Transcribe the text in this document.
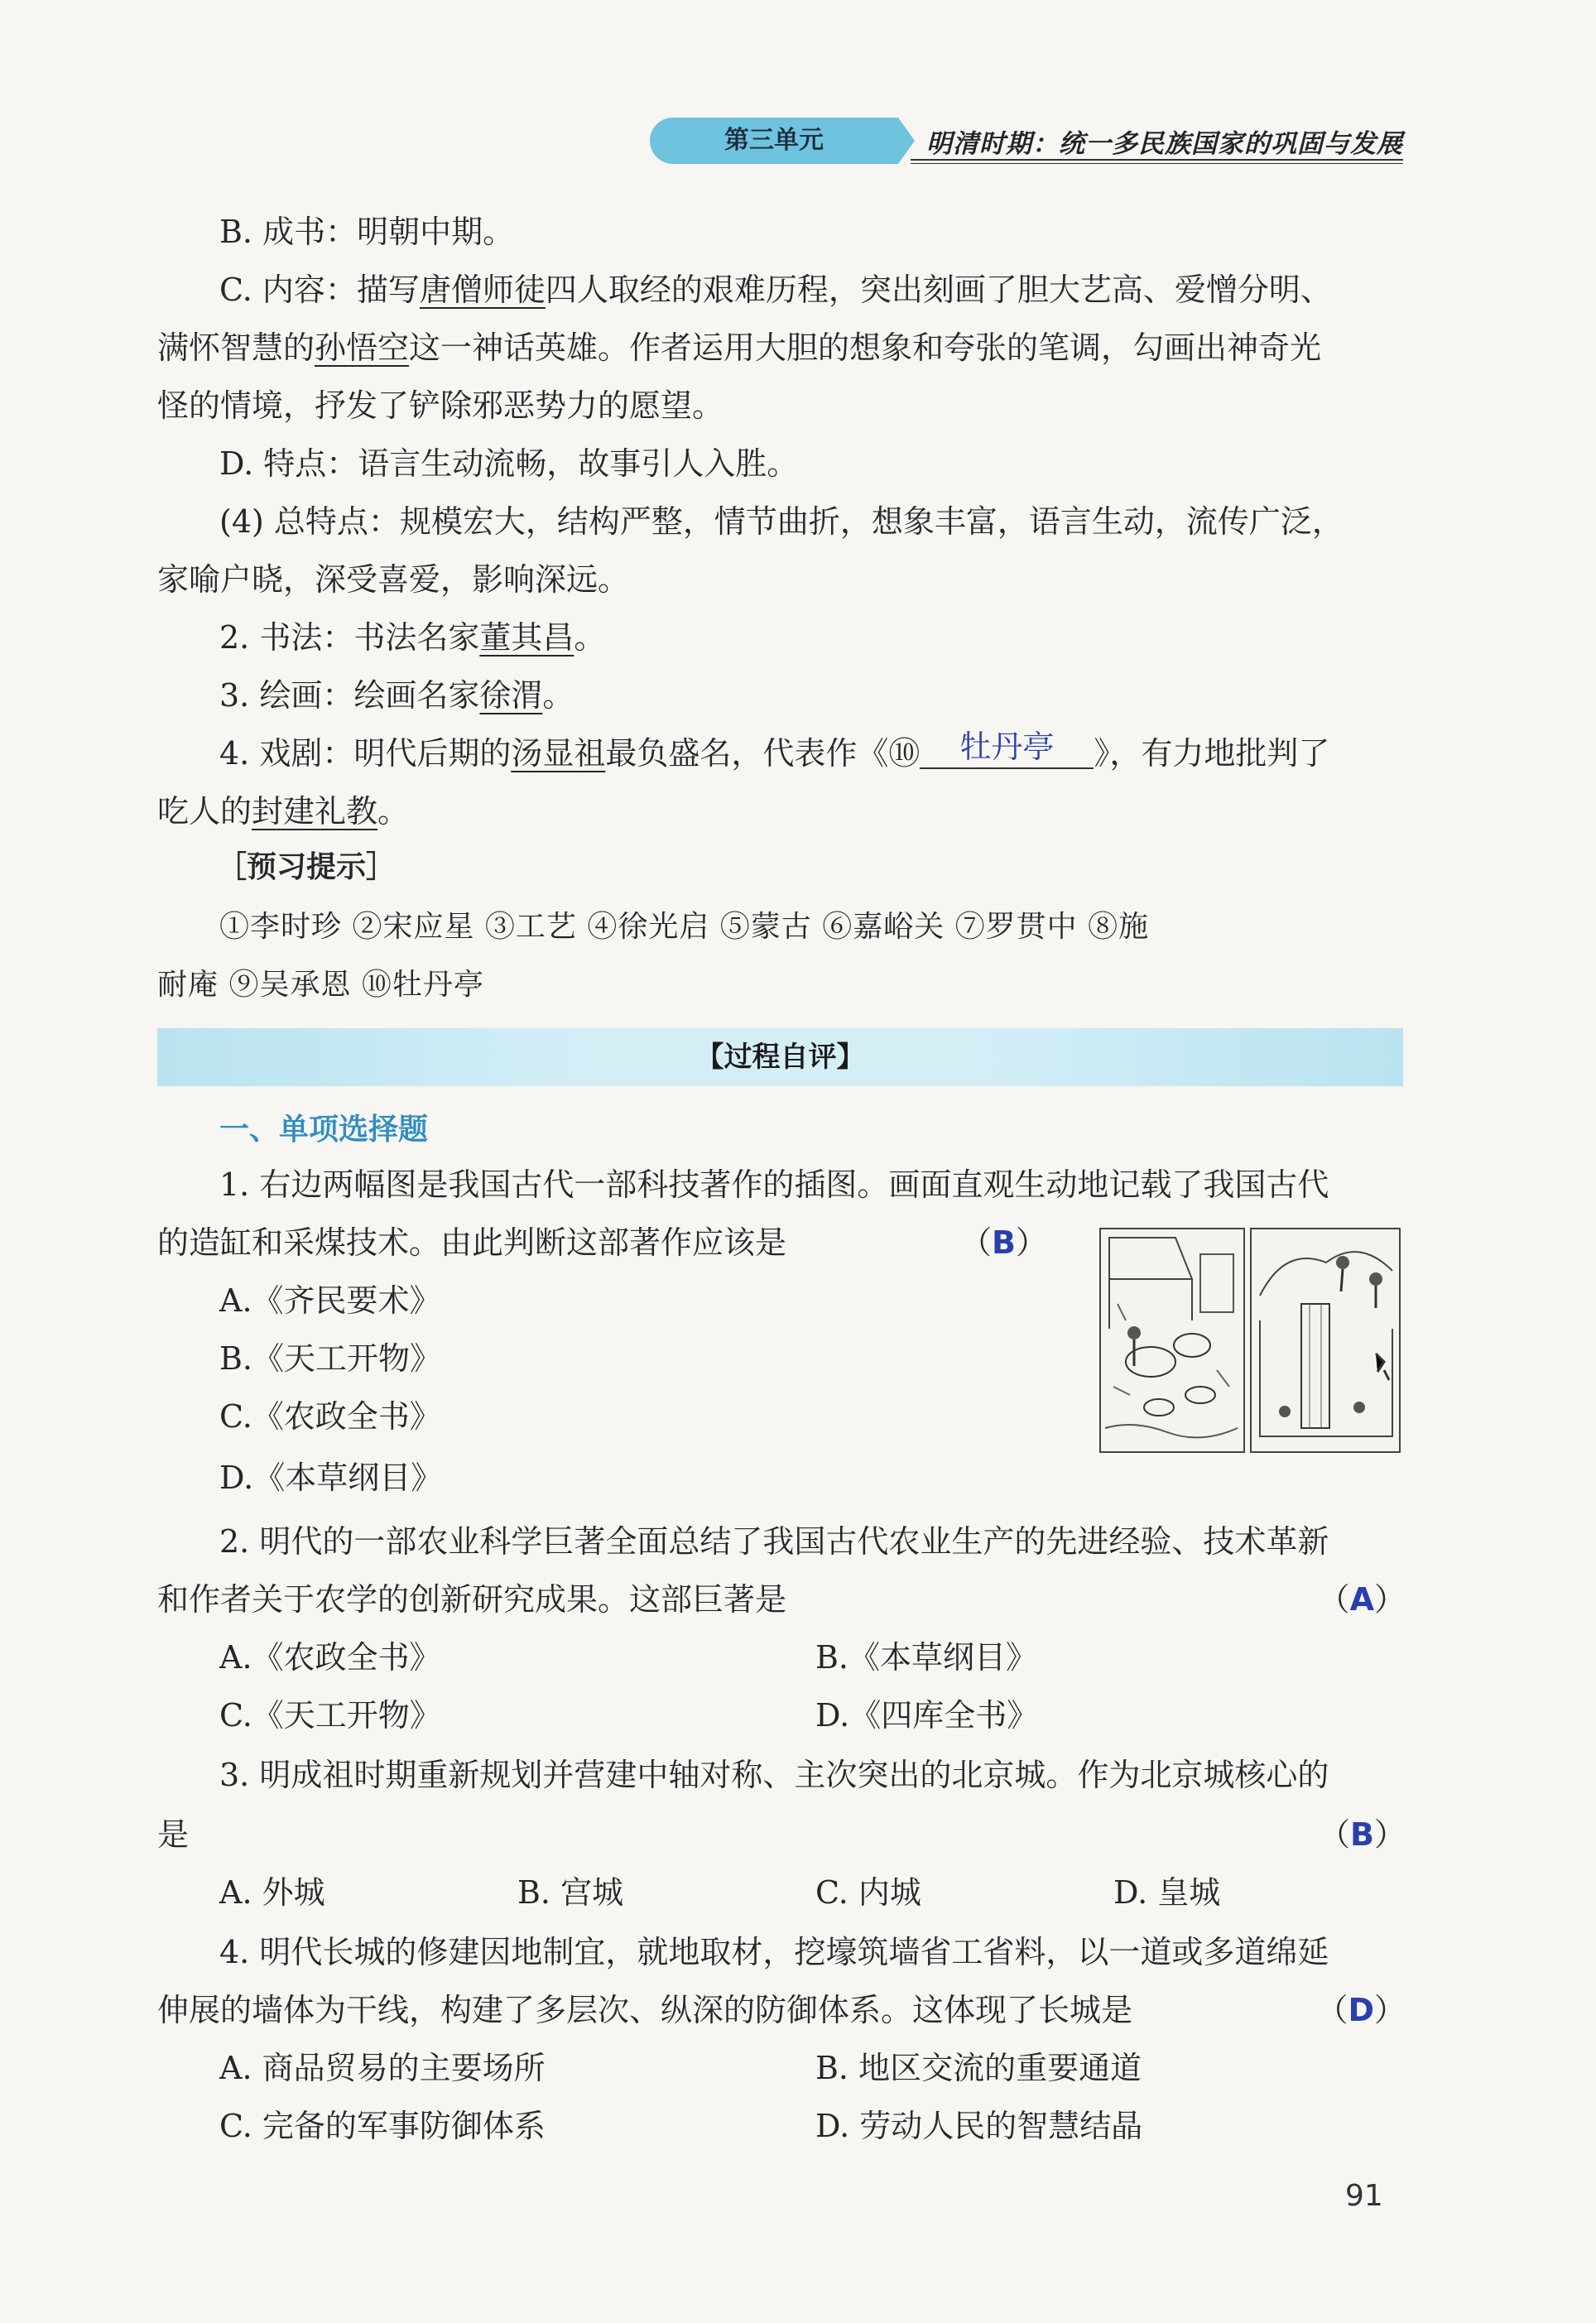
第三单元	明清时期：统一多民族国家的巩固与发展
B. 成书：明朝中期。
C. 内容：描写唐僧师徒四人取经的艰难历程，突出刻画了胆大艺高、爱憎分明、
满怀智慧的孙悟空这一神话英雄。作者运用大胆的想象和夸张的笔调，勾画出神奇光
怪的情境，抒发了铲除邪恶势力的愿望。
D. 特点：语言生动流畅，故事引人入胜。
(4) 总特点：规模宏大，结构严整，情节曲折，想象丰富，语言生动，流传广泛，
家喻户晓，深受喜爱，影响深远。
2. 书法：书法名家董其昌。
3. 绘画：绘画名家徐渭。
4. 戏剧：明代后期的汤显祖最负盛名，代表作《⑩ 牡丹亭 》，有力地批判了
吃人的封建礼教。
［预习提示］
①李时珍 ②宋应星 ③工艺 ④徐光启 ⑤蒙古 ⑥嘉峪关 ⑦罗贯中 ⑧施
耐庵 ⑨吴承恩 ⑩牡丹亭
【过程自评】
一、单项选择题
1. 右边两幅图是我国古代一部科技著作的插图。画面直观生动地记载了我国古代
的造缸和采煤技术。由此判断这部著作应该是	（B）
A.《齐民要术》
B.《天工开物》
C.《农政全书》
D.《本草纲目》
2. 明代的一部农业科学巨著全面总结了我国古代农业生产的先进经验、技术革新
和作者关于农学的创新研究成果。这部巨著是	（A）
A.《农政全书》	B.《本草纲目》
C.《天工开物》	D.《四库全书》
3. 明成祖时期重新规划并营建中轴对称、主次突出的北京城。作为北京城核心的
是	（B）
A. 外城	B. 宫城	C. 内城	D. 皇城
4. 明代长城的修建因地制宜，就地取材，挖壕筑墙省工省料，以一道或多道绵延
伸展的墙体为干线，构建了多层次、纵深的防御体系。这体现了长城是	（D）
A. 商品贸易的主要场所	B. 地区交流的重要通道
C. 完备的军事防御体系	D. 劳动人民的智慧结晶
91
